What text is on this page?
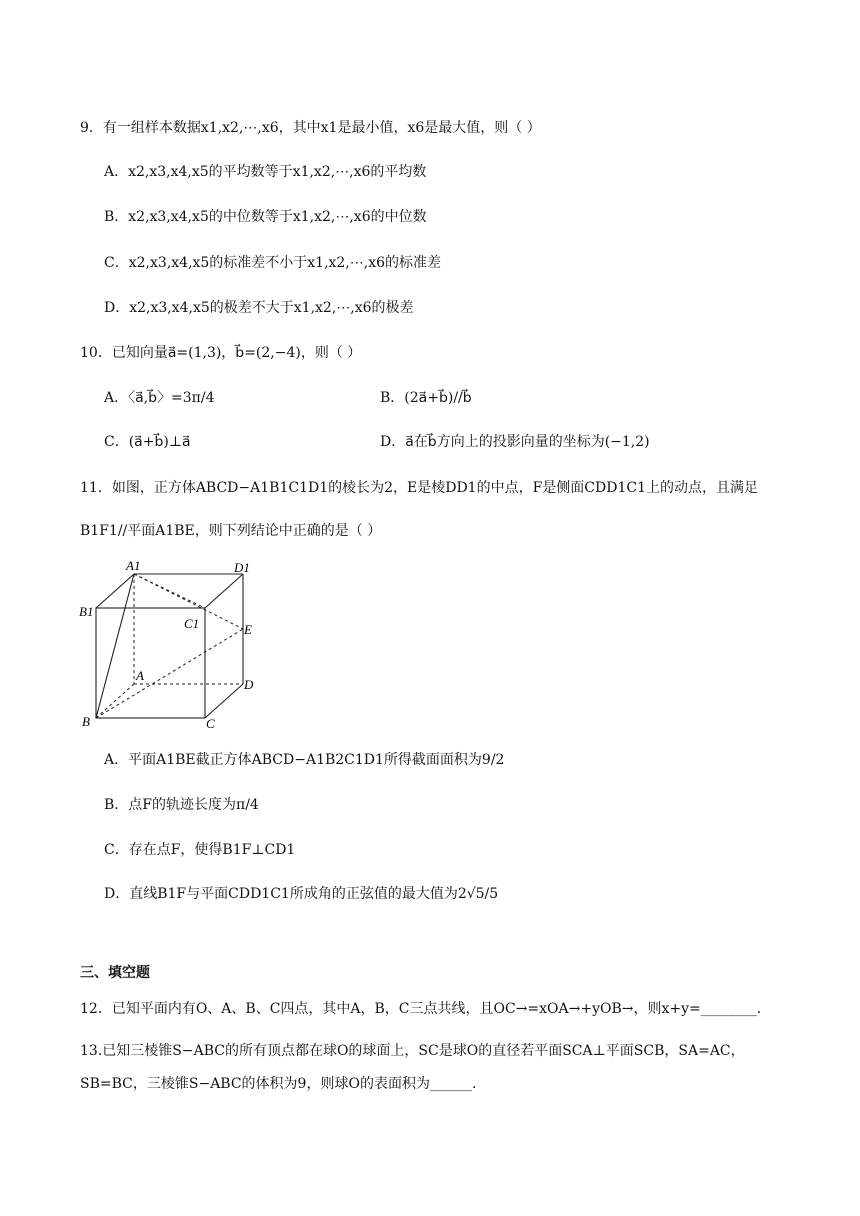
9．有一组样本数据x1,x2,⋯,x6，其中x1是最小值，x6是最大值，则（ ）
A．x2,x3,x4,x5的平均数等于x1,x2,⋯,x6的平均数
B．x2,x3,x4,x5的中位数等于x1,x2,⋯,x6的中位数
C．x2,x3,x4,x5的标准差不小于x1,x2,⋯,x6的标准差
D．x2,x3,x4,x5的极差不大于x1,x2,⋯,x6的极差
10．已知向量a⃗=(1,3)，b⃗=(2,−4)，则（ ）
A．〈a⃗,b⃗〉=3π/4	B．(2a⃗+b⃗)//b⃗
C．(a⃗+b⃗)⊥a⃗	D．a⃗在b⃗方向上的投影向量的坐标为(−1,2)
11．如图，正方体ABCD−A1B1C1D1的棱长为2，E是棱DD1的中点，F是侧面CDD1C1上的动点，且满足
B1F1//平面A1BE，则下列结论中正确的是（ ）
A1	D1
B1
C1	E
A
D
B	C
A．平面A1BE截正方体ABCD−A1B2C1D1所得截面面积为9/2
B．点F的轨迹长度为π/4
C．存在点F，使得B1F⊥CD1
D．直线B1F与平面CDD1C1所成角的正弦值的最大值为2√5/5
三、填空题
12．已知平面内有O、A、B、C四点，其中A，B，C三点共线，且OC→=xOA→+yOB→，则x+y=________.
13.已知三棱锥S−ABC的所有顶点都在球O的球面上，SC是球O的直径若平面SCA⊥平面SCB，SA=AC，
SB=BC，三棱锥S−ABC的体积为9，则球O的表面积为______.
